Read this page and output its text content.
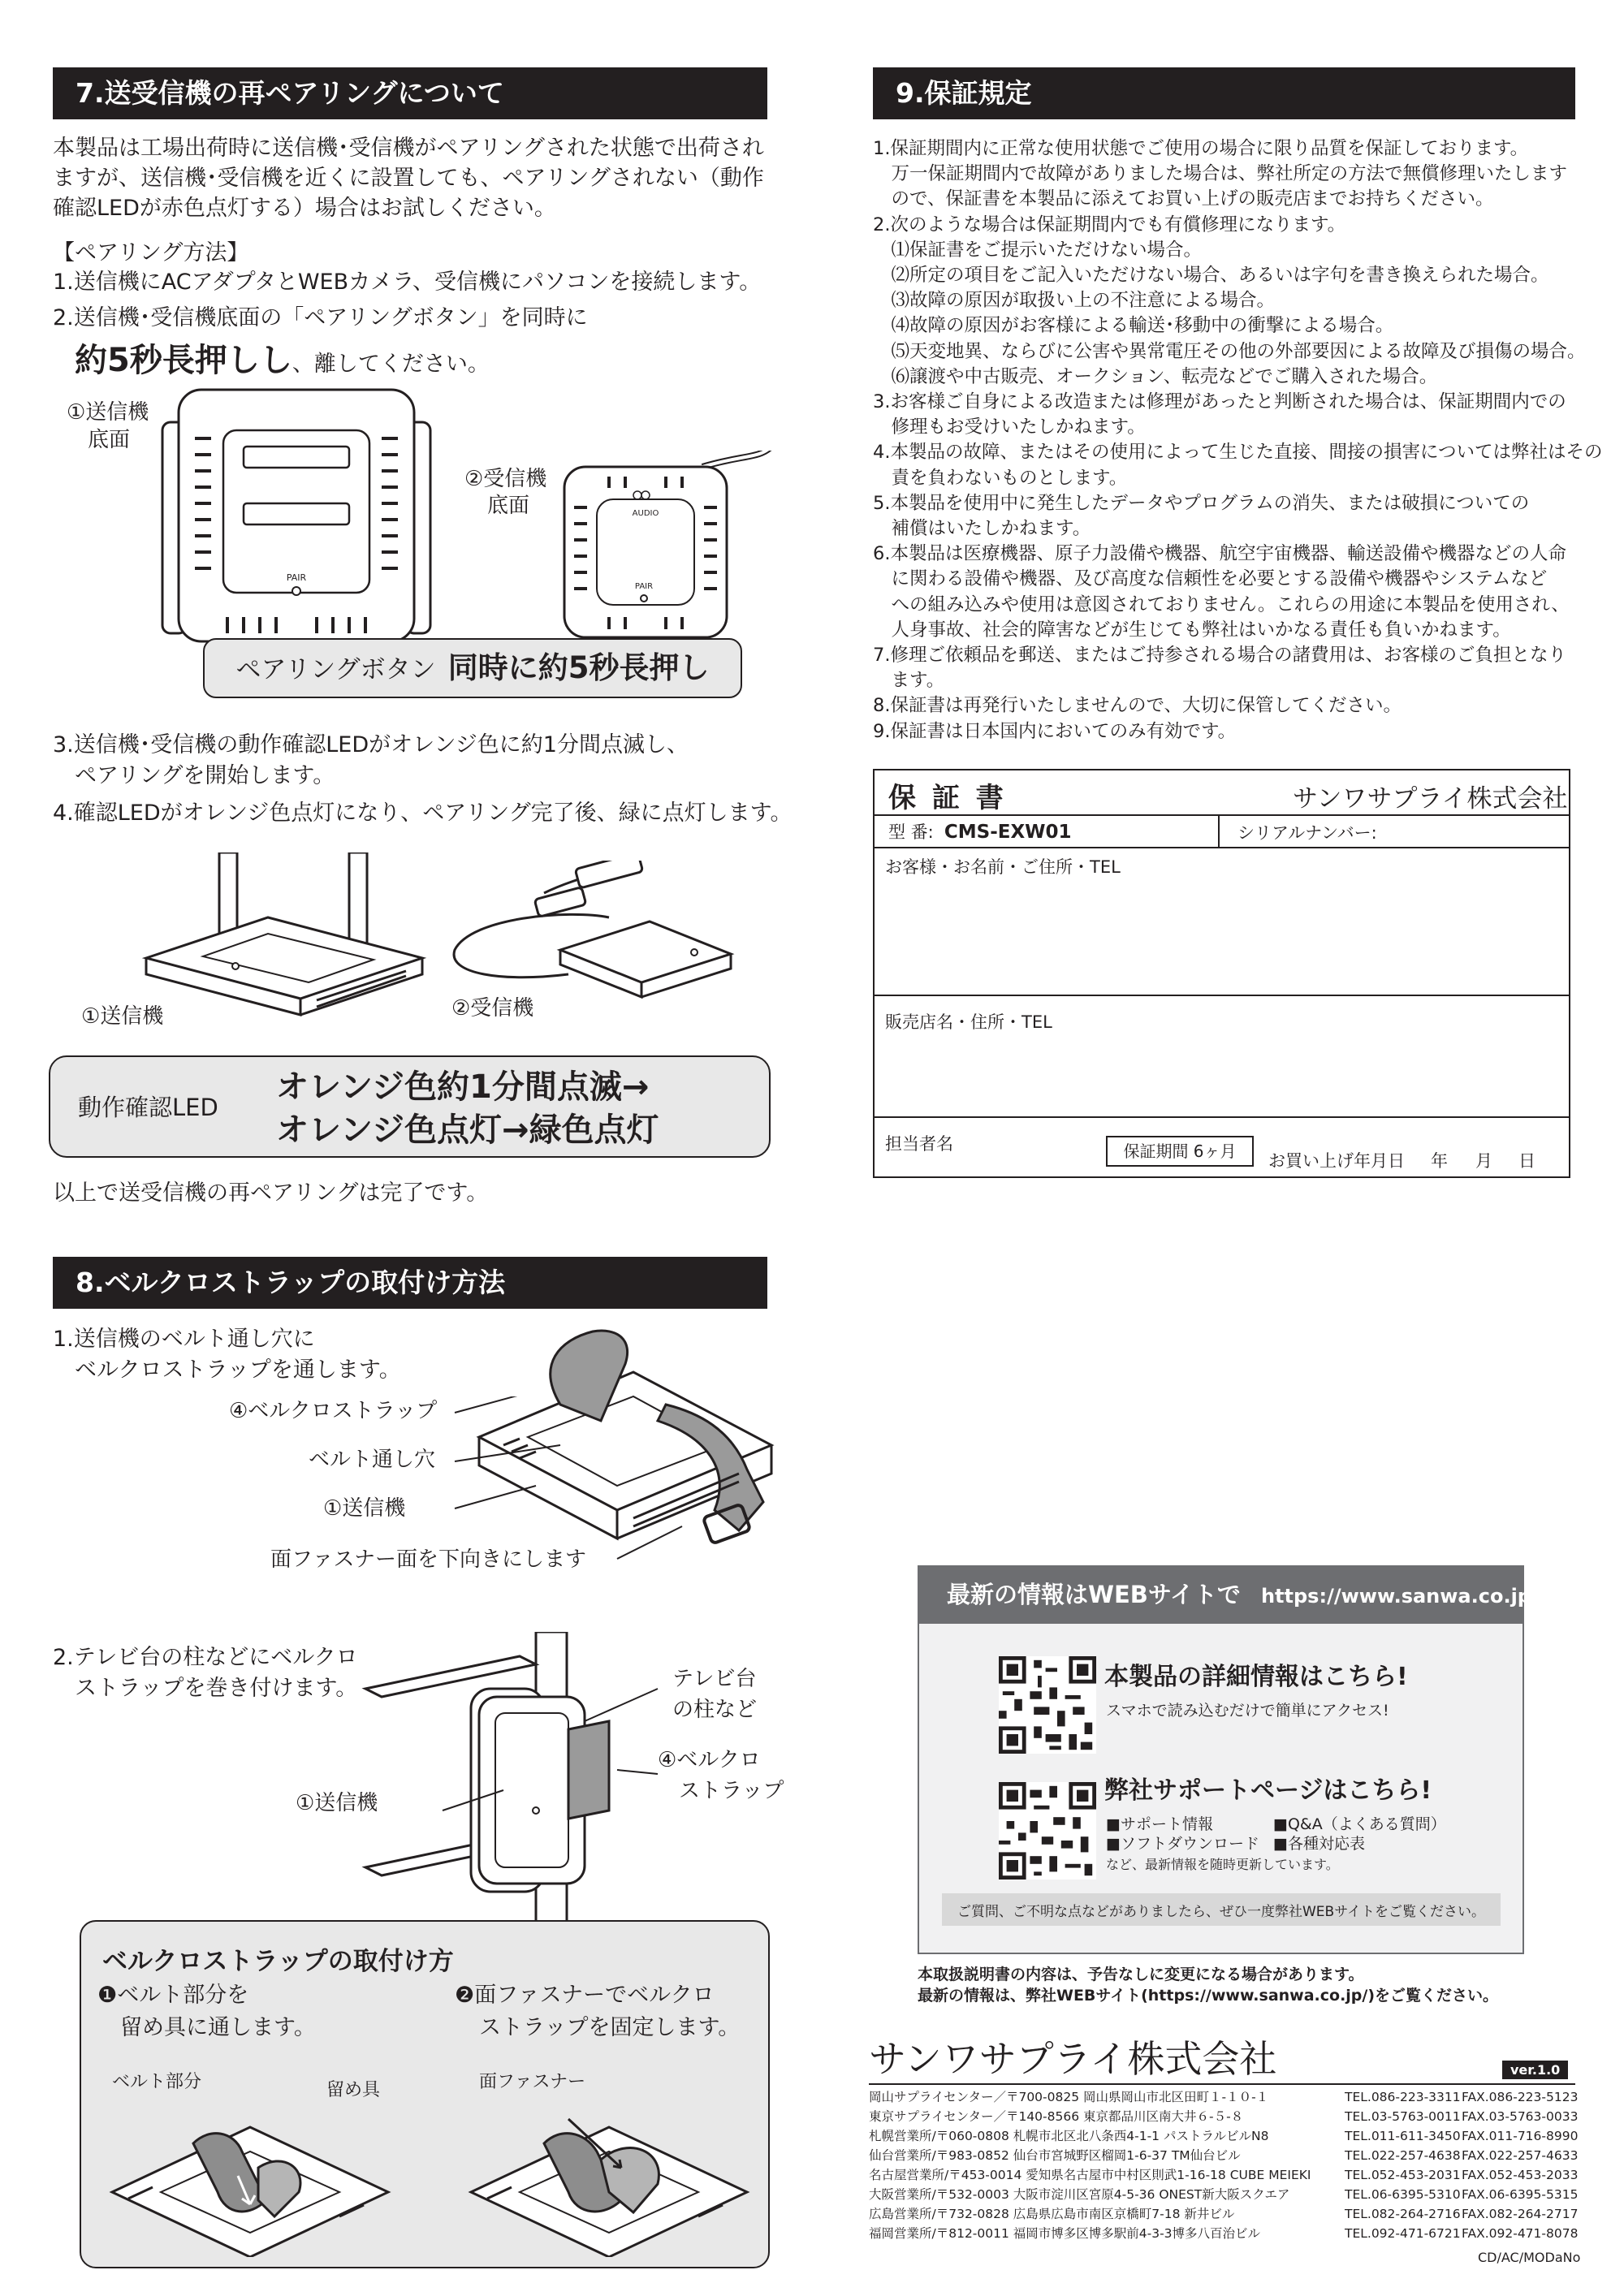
7.送受信機の再ペアリングについて
本製品は工場出荷時に送信機･受信機がペアリングされた状態で出荷され
ますが、送信機･受信機を近くに設置しても、ペアリングされない（動作
確認LEDが赤色点灯する）場合はお試しください。
【ペアリング方法】
1.送信機にACアダプタとWEBカメラ、受信機にパソコンを接続します。
2.送信機･受信機底面の「ペアリングボタン」を同時に
約5秒長押しし、離してください。
①送信機
底面
②受信機
底面
PAIR
AUDIO
PAIR
ペアリングボタン 同時に約5秒長押し
3.送信機･受信機の動作確認LEDがオレンジ色に約1分間点滅し、
ペアリングを開始します。
4.確認LEDがオレンジ色点灯になり、ペアリング完了後、緑に点灯します。
①送信機	②受信機
動作確認LED
オレンジ色約1分間点滅→
オレンジ色点灯→緑色点灯
以上で送受信機の再ペアリングは完了です。
8.ベルクロストラップの取付け方法
1.送信機のベルト通し穴に
ベルクロストラップを通します。
④ベルクロストラップ
ベルト通し穴
①送信機
面ファスナー面を下向きにします
2.テレビ台の柱などにベルクロ
ストラップを巻き付けます。	テレビ台
の柱など
④ベルクロ
ストラップ
①送信機
ベルクロストラップの取付け方
❶ベルト部分を
留め具に通します。
❷面ファスナーでベルクロ
ストラップを固定します。
ベルト部分	留め具	面ファスナー
9.保証規定
1.保証期間内に正常な使用状態でご使用の場合に限り品質を保証しております。
　万一保証期間内で故障がありました場合は、弊社所定の方法で無償修理いたします
　ので、保証書を本製品に添えてお買い上げの販売店までお持ちください。
2.次のような場合は保証期間内でも有償修理になります。
　⑴保証書をご提示いただけない場合。
　⑵所定の項目をご記入いただけない場合、あるいは字句を書き換えられた場合。
　⑶故障の原因が取扱い上の不注意による場合。
　⑷故障の原因がお客様による輸送･移動中の衝撃による場合。
　⑸天変地異、ならびに公害や異常電圧その他の外部要因による故障及び損傷の場合。
　⑹譲渡や中古販売、オークション、転売などでご購入された場合。
3.お客様ご自身による改造または修理があったと判断された場合は、保証期間内での
　修理もお受けいたしかねます。
4.本製品の故障、またはその使用によって生じた直接、間接の損害については弊社はその
　責を負わないものとします。
5.本製品を使用中に発生したデータやプログラムの消失、または破損についての
　補償はいたしかねます。
6.本製品は医療機器、原子力設備や機器、航空宇宙機器、輸送設備や機器などの人命
　に関わる設備や機器、及び高度な信頼性を必要とする設備や機器やシステムなど
　への組み込みや使用は意図されておりません。これらの用途に本製品を使用され、
　人身事故、社会的障害などが生じても弊社はいかなる責任も負いかねます。
7.修理ご依頼品を郵送、またはご持参される場合の諸費用は、お客様のご負担となり
　ます。
8.保証書は再発行いたしませんので、大切に保管してください。
9.保証書は日本国内においてのみ有効です。
保 証 書	サンワサプライ株式会社
型 番: CMS-EXW01	シリアルナンバー:
お客様・お名前・ご住所・TEL
販売店名・住所・TEL
担当者名	保証期間 6ヶ月	お買い上げ年月日 年 月 日
最新の情報はWEBサイトで https://www.sanwa.co.jp/
本製品の詳細情報はこちら!
スマホで読み込むだけで簡単にアクセス!
弊社サポートページはこちら!
■サポート情報
■ソフトダウンロード
■Q&A（よくある質問）
■各種対応表
など、最新情報を随時更新しています。
ご質問、ご不明な点などがありましたら、ぜひ一度弊社WEBサイトをご覧ください。
本取扱説明書の内容は、予告なしに変更になる場合があります。
最新の情報は、弊社WEBサイト(https://www.sanwa.co.jp/)をご覧ください。
サンワサプライ株式会社	ver.1.0
岡山サプライセンター／〒700-0825 岡山県岡山市北区田町１-１０-１	TEL.086-223-3311 FAX.086-223-5123
東京サプライセンター／〒140-8566 東京都品川区南大井６-５-８	TEL.03-5763-0011 FAX.03-5763-0033
札幌営業所/〒060-0808 札幌市北区北八条西4-1-1 パストラルビルN8	TEL.011-611-3450 FAX.011-716-8990
仙台営業所/〒983-0852 仙台市宮城野区榴岡1-6-37 TM仙台ビル	TEL.022-257-4638 FAX.022-257-4633
名古屋営業所/〒453-0014 愛知県名古屋市中村区則武1-16-18 CUBE MEIEKI	TEL.052-453-2031 FAX.052-453-2033
大阪営業所/〒532-0003 大阪市淀川区宮原4-5-36 ONEST新大阪スクエア	TEL.06-6395-5310 FAX.06-6395-5315
広島営業所/〒732-0828 広島県広島市南区京橋町7-18 新井ビル	TEL.082-264-2716 FAX.082-264-2717
福岡営業所/〒812-0011 福岡市博多区博多駅前4-3-3博多八百治ビル	TEL.092-471-6721 FAX.092-471-8078
CD/AC/MODaNo
